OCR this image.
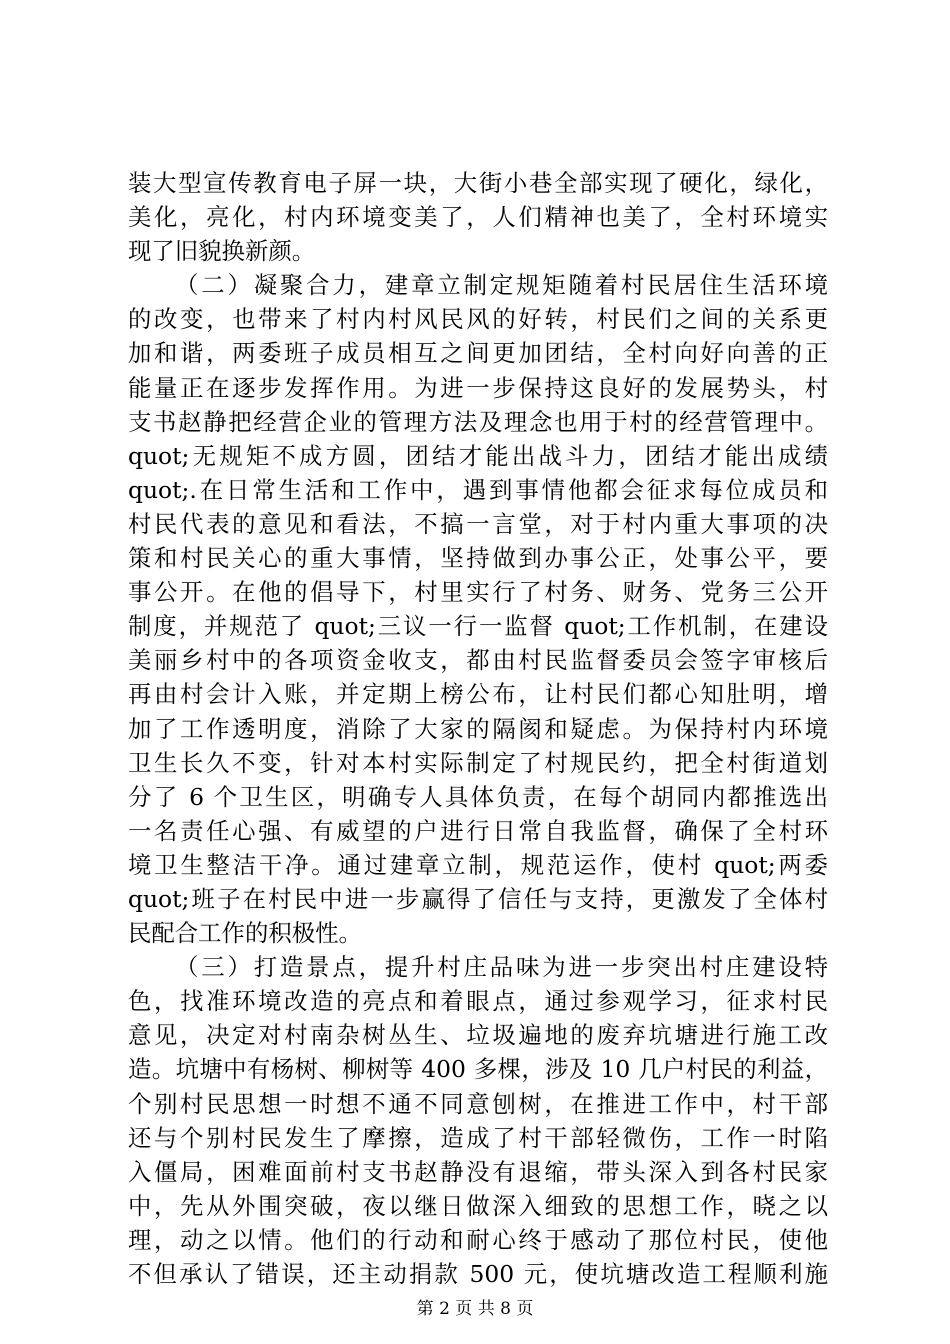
装大型宣传教育电子屏一块，大街小巷全部实现了硬化，绿化，
美化，亮化，村内环境变美了，人们精神也美了，全村环境实
现了旧貌换新颜。
（二）凝聚合力，建章立制定规矩随着村民居住生活环境
的改变，也带来了村内村风民风的好转，村民们之间的关系更
加和谐，两委班子成员相互之间更加团结，全村向好向善的正
能量正在逐步发挥作用。为进一步保持这良好的发展势头，村
支书赵静把经营企业的管理方法及理念也用于村的经营管理中。
quot;无规矩不成方圆，团结才能出战斗力，团结才能出成绩
quot;.在日常生活和工作中，遇到事情他都会征求每位成员和
村民代表的意见和看法，不搞一言堂，对于村内重大事项的决
策和村民关心的重大事情，坚持做到办事公正，处事公平，要
事公开。在他的倡导下，村里实行了村务、财务、党务三公开
制度，并规范了 quot;三议一行一监督 quot;工作机制，在建设
美丽乡村中的各项资金收支，都由村民监督委员会签字审核后
再由村会计入账，并定期上榜公布，让村民们都心知肚明，增
加了工作透明度，消除了大家的隔阂和疑虑。为保持村内环境
卫生长久不变，针对本村实际制定了村规民约，把全村街道划
分了 6 个卫生区，明确专人具体负责，在每个胡同内都推选出
一名责任心强、有威望的户进行日常自我监督，确保了全村环
境卫生整洁干净。通过建章立制，规范运作，使村 quot;两委
quot;班子在村民中进一步赢得了信任与支持，更激发了全体村
民配合工作的积极性。
（三）打造景点，提升村庄品味为进一步突出村庄建设特
色，找准环境改造的亮点和着眼点，通过参观学习，征求村民
意见，决定对村南杂树丛生、垃圾遍地的废弃坑塘进行施工改
造。坑塘中有杨树、柳树等 400 多棵，涉及 10 几户村民的利益，
个别村民思想一时想不通不同意刨树，在推进工作中，村干部
还与个别村民发生了摩擦，造成了村干部轻微伤，工作一时陷
入僵局，困难面前村支书赵静没有退缩，带头深入到各村民家
中，先从外围突破，夜以继日做深入细致的思想工作，晓之以
理，动之以情。他们的行动和耐心终于感动了那位村民，使他
不但承认了错误，还主动捐款 500 元，使坑塘改造工程顺利施
第 2 页 共 8 页
